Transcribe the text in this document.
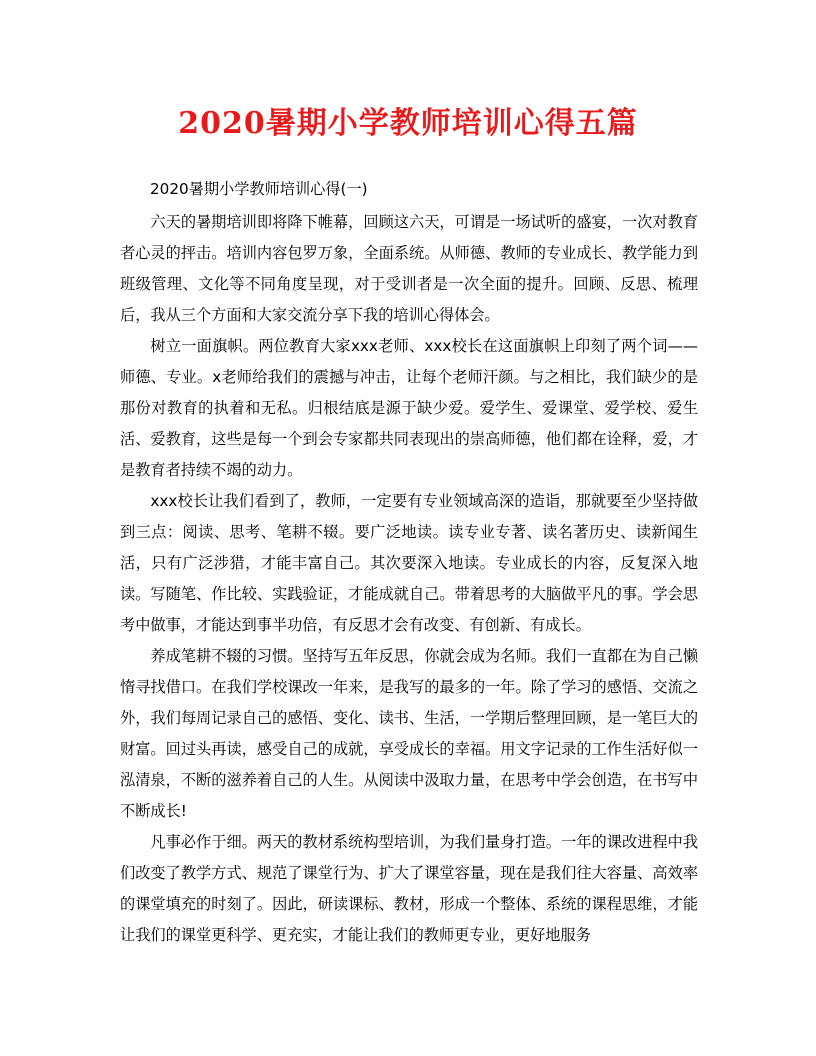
2020暑期小学教师培训心得五篇
2020暑期小学教师培训心得(一)

六天的暑期培训即将降下帷幕，回顾这六天，可谓是一场试听的盛宴，一次对教育者心灵的抨击。培训内容包罗万象，全面系统。从师德、教师的专业成长、教学能力到班级管理、文化等不同角度呈现，对于受训者是一次全面的提升。回顾、反思、梳理后，我从三个方面和大家交流分享下我的培训心得体会。

树立一面旗帜。两位教育大家xxx老师、xxx校长在这面旗帜上印刻了两个词——师德、专业。x老师给我们的震撼与冲击，让每个老师汗颜。与之相比，我们缺少的是那份对教育的执着和无私。归根结底是源于缺少爱。爱学生、爱课堂、爱学校、爱生活、爱教育，这些是每一个到会专家都共同表现出的崇高师德，他们都在诠释，爱，才是教育者持续不竭的动力。

xxx校长让我们看到了，教师，一定要有专业领域高深的造诣，那就要至少坚持做到三点：阅读、思考、笔耕不辍。要广泛地读。读专业专著、读名著历史、读新闻生活，只有广泛涉猎，才能丰富自己。其次要深入地读。专业成长的内容，反复深入地读。写随笔、作比较、实践验证，才能成就自己。带着思考的大脑做平凡的事。学会思考中做事，才能达到事半功倍，有反思才会有改变、有创新、有成长。

养成笔耕不辍的习惯。坚持写五年反思，你就会成为名师。我们一直都在为自己懒惰寻找借口。在我们学校课改一年来，是我写的最多的一年。除了学习的感悟、交流之外，我们每周记录自己的感悟、变化、读书、生活，一学期后整理回顾，是一笔巨大的财富。回过头再读，感受自己的成就，享受成长的幸福。用文字记录的工作生活好似一泓清泉，不断的滋养着自己的人生。从阅读中汲取力量，在思考中学会创造，在书写中不断成长!

凡事必作于细。两天的教材系统构型培训，为我们量身打造。一年的课改进程中我们改变了教学方式、规范了课堂行为、扩大了课堂容量，现在是我们往大容量、高效率的课堂填充的时刻了。因此，研读课标、教材，形成一个整体、系统的课程思维，才能让我们的课堂更科学、更充实，才能让我们的教师更专业，更好地服务
